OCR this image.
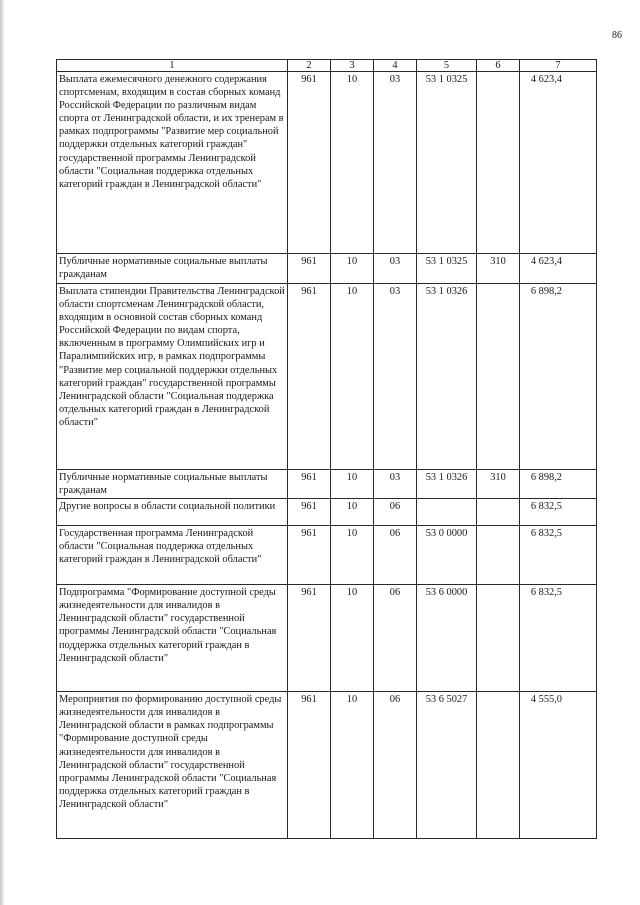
86
1	2	3	4	5	6	7
Выплата ежемесячного денежного содержания спортсменам, входящим в состав сборных команд Российской Федерации по различным видам спорта от Ленинградской области, и их тренерам в рамках подпрограммы "Развитие мер социальной поддержки отдельных категорий граждан" государственной программы Ленинградской области "Социальная поддержка отдельных категорий граждан в Ленинградской области"	961	10	03	53 1 0325		4 623,4
Публичные нормативные социальные выплаты гражданам	961	10	03	53 1 0325	310	4 623,4
Выплата стипендии Правительства Ленинградской области спортсменам Ленинградской области, входящим в основной состав сборных команд Российской Федерации по видам спорта, включенным в программу Олимпийских игр и Паралимпийских игр, в рамках подпрограммы "Развитие мер социальной поддержки отдельных категорий граждан" государственной программы Ленинградской области "Социальная поддержка отдельных категорий граждан в Ленинградской области"	961	10	03	53 1 0326		6 898,2
Публичные нормативные социальные выплаты гражданам	961	10	03	53 1 0326	310	6 898,2
Другие вопросы в области социальной политики	961	10	06			6 832,5
Государственная программа Ленинградской области "Социальная поддержка отдельных категорий граждан в Ленинградской области"	961	10	06	53 0 0000		6 832,5
Подпрограмма "Формирование доступной среды жизнедеятельности для инвалидов в Ленинградской области" государственной программы Ленинградской области "Социальная поддержка отдельных категорий граждан в Ленинградской области"	961	10	06	53 6 0000		6 832,5
Мероприятия по формированию доступной среды жизнедеятельности для инвалидов в Ленинградской области в рамках подпрограммы "Формирование доступной среды жизнедеятельности для инвалидов в Ленинградской области" государственной программы Ленинградской области "Социальная поддержка отдельных категорий граждан в Ленинградской области"	961	10	06	53 6 5027		4 555,0
